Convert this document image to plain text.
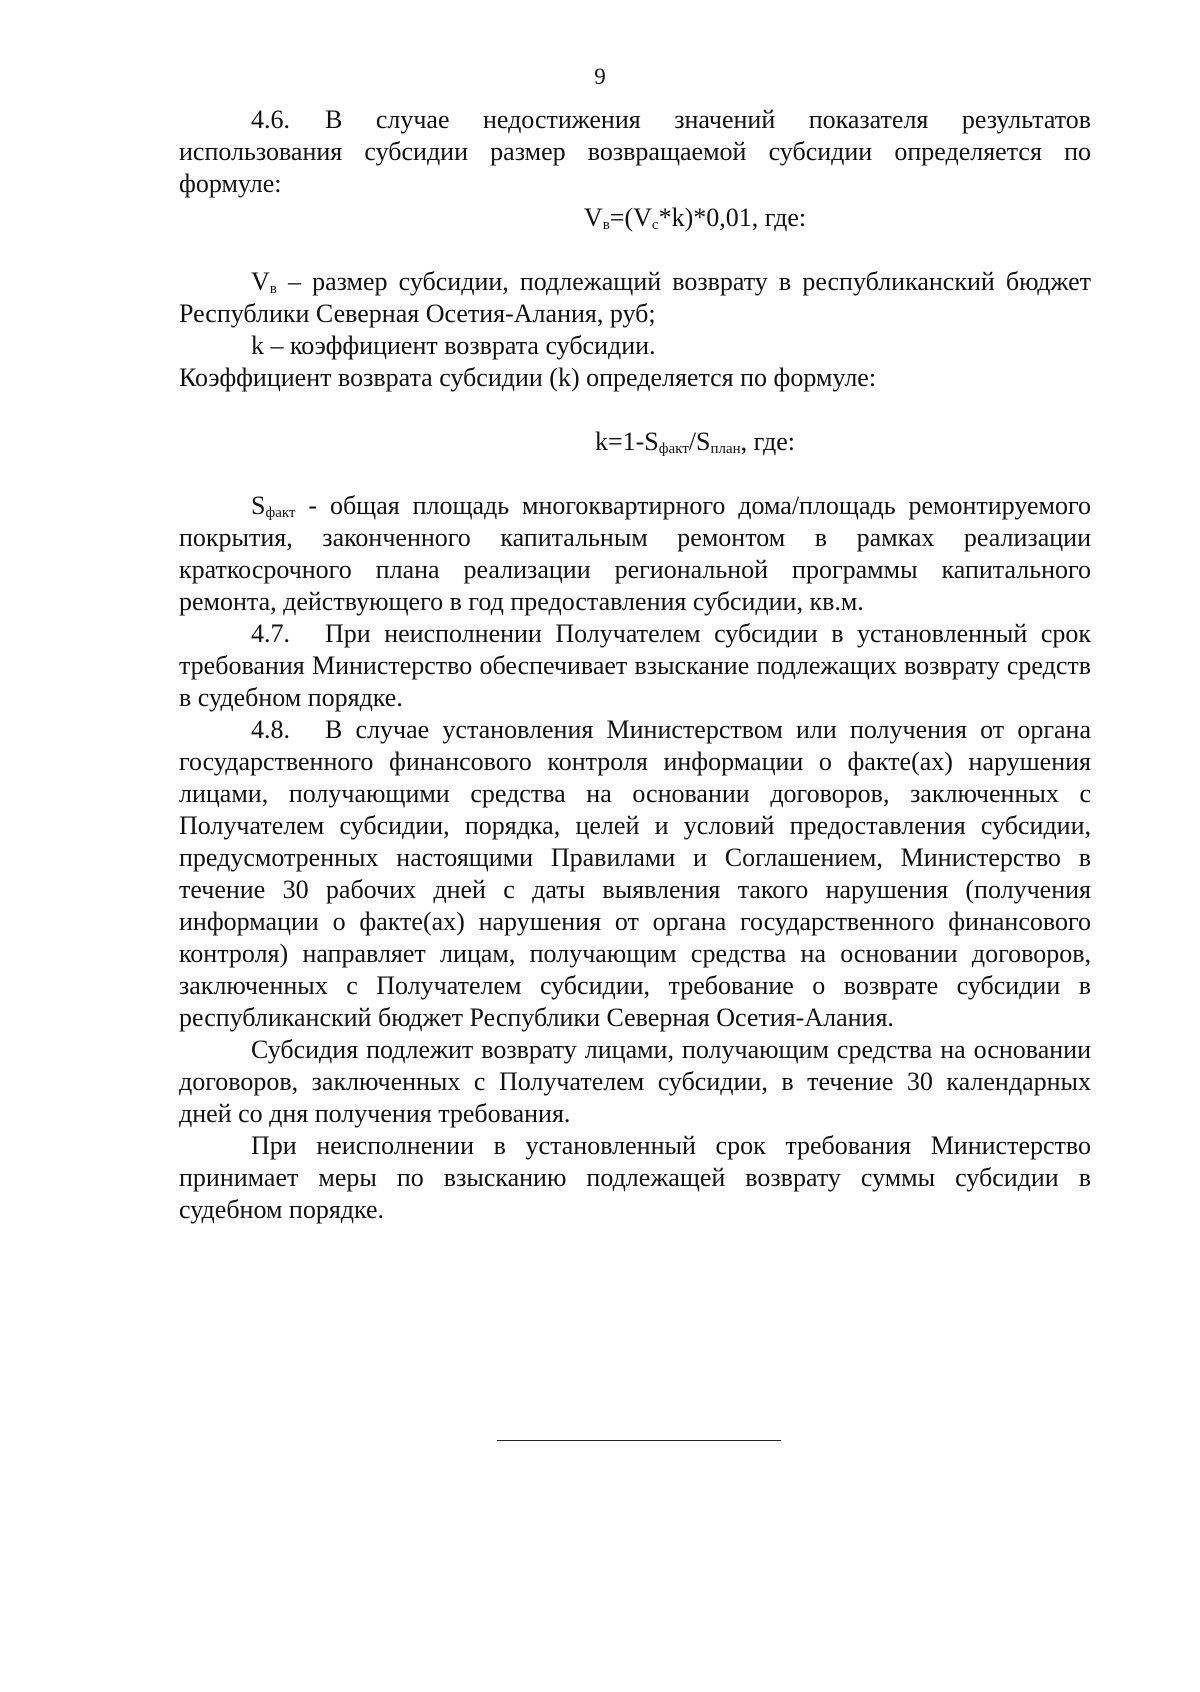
9

4.6. В случае недостижения значений показателя результатов использования субсидии размер возвращаемой субсидии определяется по формуле:

$V_в=(V_с*k)*0,01$, где:

$V_в$ – размер субсидии, подлежащий возврату в республиканский бюджет Республики Северная Осетия-Алания, руб;

k – коэффициент возврата субсидии.

Коэффициент возврата субсидии (k) определяется по формуле:

$k=1-S_{факт}/S_{план}$, где:

$S_{факт}$ - общая площадь многоквартирного дома/площадь ремонтируемого покрытия, законченного капитальным ремонтом в рамках реализации краткосрочного плана реализации региональной программы капитального ремонта, действующего в год предоставления субсидии, кв.м.

4.7. При неисполнении Получателем субсидии в установленный срок требования Министерство обеспечивает взыскание подлежащих возврату средств в судебном порядке.

4.8. В случае установления Министерством или получения от органа государственного финансового контроля информации о факте(ах) нарушения лицами, получающими средства на основании договоров, заключенных с Получателем субсидии, порядка, целей и условий предоставления субсидии, предусмотренных настоящими Правилами и Соглашением, Министерство в течение 30 рабочих дней с даты выявления такого нарушения (получения информации о факте(ах) нарушения от органа государственного финансового контроля) направляет лицам, получающим средства на основании договоров, заключенных с Получателем субсидии, требование о возврате субсидии в республиканский бюджет Республики Северная Осетия-Алания.

Субсидия подлежит возврату лицами, получающим средства на основании договоров, заключенных с Получателем субсидии, в течение 30 календарных дней со дня получения требования.

При неисполнении в установленный срок требования Министерство принимает меры по взысканию подлежащей возврату суммы субсидии в судебном порядке.
